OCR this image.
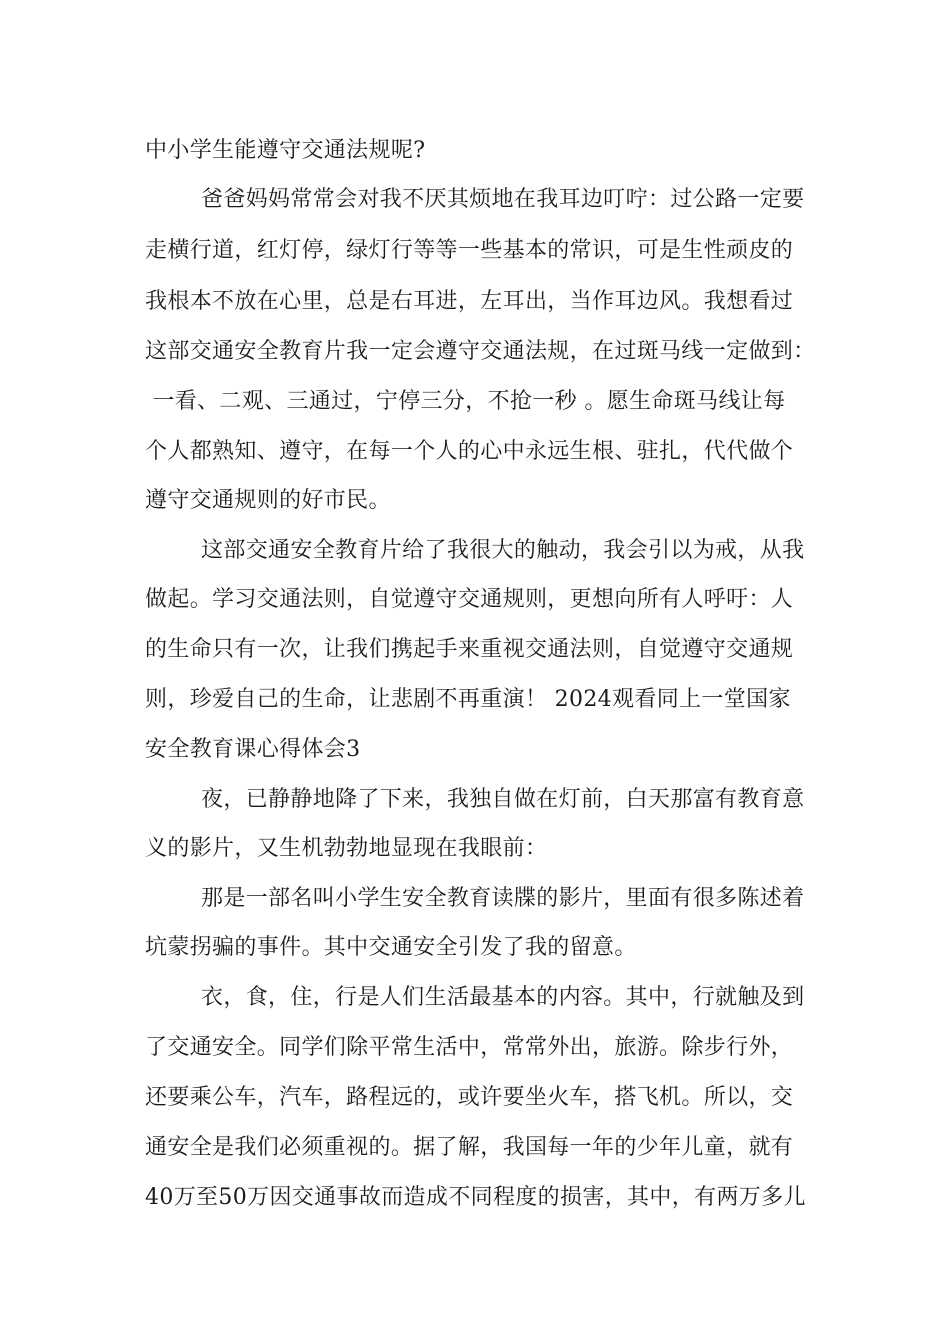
中小学生能遵守交通法规呢?

爸爸妈妈常常会对我不厌其烦地在我耳边叮咛：过公路一定要

走横行道，红灯停，绿灯行等等一些基本的常识，可是生性顽皮的

我根本不放在心里，总是右耳进，左耳出，当作耳边风。我想看过

这部交通安全教育片我一定会遵守交通法规，在过斑马线一定做到：

一看、二观、三通过，宁停三分，不抢一秒 。愿生命斑马线让每

个人都熟知、遵守，在每一个人的心中永远生根、驻扎，代代做个

遵守交通规则的好市民。

这部交通安全教育片给了我很大的触动，我会引以为戒，从我

做起。学习交通法则，自觉遵守交通规则，更想向所有人呼吁：人

的生命只有一次，让我们携起手来重视交通法则，自觉遵守交通规

则，珍爱自己的生命，让悲剧不再重演！ 2024观看同上一堂国家

安全教育课心得体会3

夜，已静静地降了下来，我独自做在灯前，白天那富有教育意

义的影片，又生机勃勃地显现在我眼前：

那是一部名叫小学生安全教育读牒的影片，里面有很多陈述着

坑蒙拐骗的事件。其中交通安全引发了我的留意。

衣，食，住，行是人们生活最基本的内容。其中，行就触及到

了交通安全。同学们除平常生活中，常常外出，旅游。除步行外，

还要乘公车，汽车，路程远的，或许要坐火车，搭飞机。所以，交

通安全是我们必须重视的。据了解，我国每一年的少年儿童，就有

40万至50万因交通事故而造成不同程度的损害，其中，有两万多儿
